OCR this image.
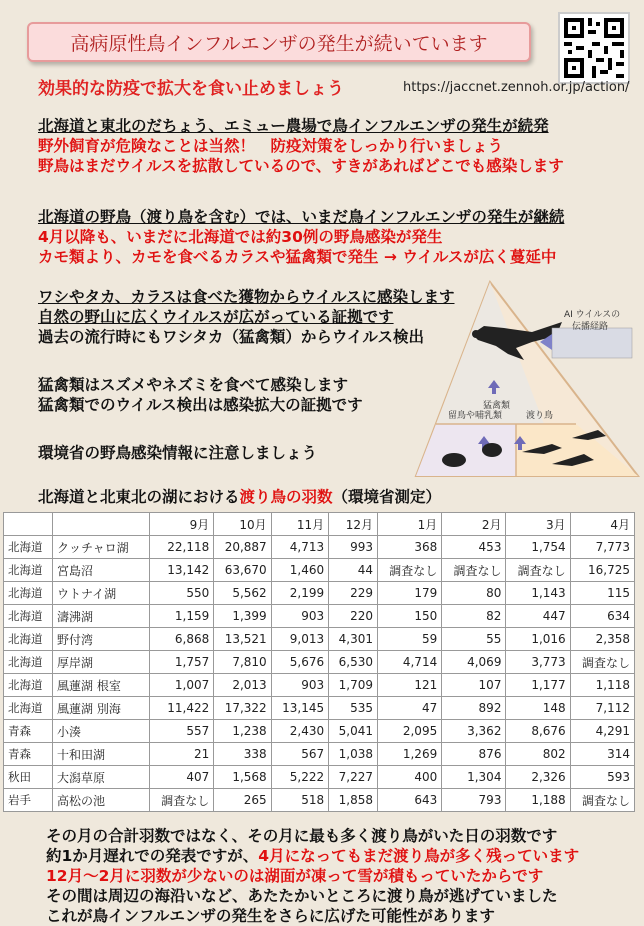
高病原性鳥インフルエンザの発生が続いています
効果的な防疫で拡大を食い止めましょう	https://jaccnet.zennoh.or.jp/action/
北海道と東北のだちょう、エミュー農場で鳥インフルエンザの発生が続発
野外飼育が危険なことは当然！　防疫対策をしっかり行いましょう
野鳥はまだウイルスを拡散しているので、すきがあればどこでも感染します
北海道の野鳥（渡り鳥を含む）では、いまだ鳥インフルエンザの発生が継続
4月以降も、いまだに北海道では約30例の野鳥感染が発生
カモ類より、カモを食べるカラスや猛禽類で発生 → ウイルスが広く蔓延中
ワシやタカ、カラスは食べた獲物からウイルスに感染します
自然の野山に広くウイルスが広がっている証拠です
過去の流行時にもワシタカ（猛禽類）からウイルス検出
猛禽類はスズメやネズミを食べて感染します
猛禽類でのウイルス検出は感染拡大の証拠です
環境省の野鳥感染情報に注意しましょう
AI ウイルスの
伝播経路
猛禽類
留鳥や哺乳類	渡り鳥
北海道と北東北の湖における渡り鳥の羽数（環境省測定）
		9月	10月	11月	12月	1月	2月	3月	4月
北海道	クッチャロ湖	22,118	20,887	4,713	993	368	453	1,754	7,773
北海道	宮島沼	13,142	63,670	1,460	44	調査なし	調査なし	調査なし	16,725
北海道	ウトナイ湖	550	5,562	2,199	229	179	80	1,143	115
北海道	濤沸湖	1,159	1,399	903	220	150	82	447	634
北海道	野付湾	6,868	13,521	9,013	4,301	59	55	1,016	2,358
北海道	厚岸湖	1,757	7,810	5,676	6,530	4,714	4,069	3,773	調査なし
北海道	風蓮湖 根室	1,007	2,013	903	1,709	121	107	1,177	1,118
北海道	風蓮湖 別海	11,422	17,322	13,145	535	47	892	148	7,112
青森	小湊	557	1,238	2,430	5,041	2,095	3,362	8,676	4,291
青森	十和田湖	21	338	567	1,038	1,269	876	802	314
秋田	大潟草原	407	1,568	5,222	7,227	400	1,304	2,326	593
岩手	高松の池	調査なし	265	518	1,858	643	793	1,188	調査なし
その月の合計羽数ではなく、その月に最も多く渡り鳥がいた日の羽数です
約1か月遅れでの発表ですが、4月になってもまだ渡り鳥が多く残っています
12月～2月に羽数が少ないのは湖面が凍って雪が積もっていたからです
その間は周辺の海沿いなど、あたたかいところに渡り鳥が逃げていました
これが鳥インフルエンザの発生をさらに広げた可能性があります
